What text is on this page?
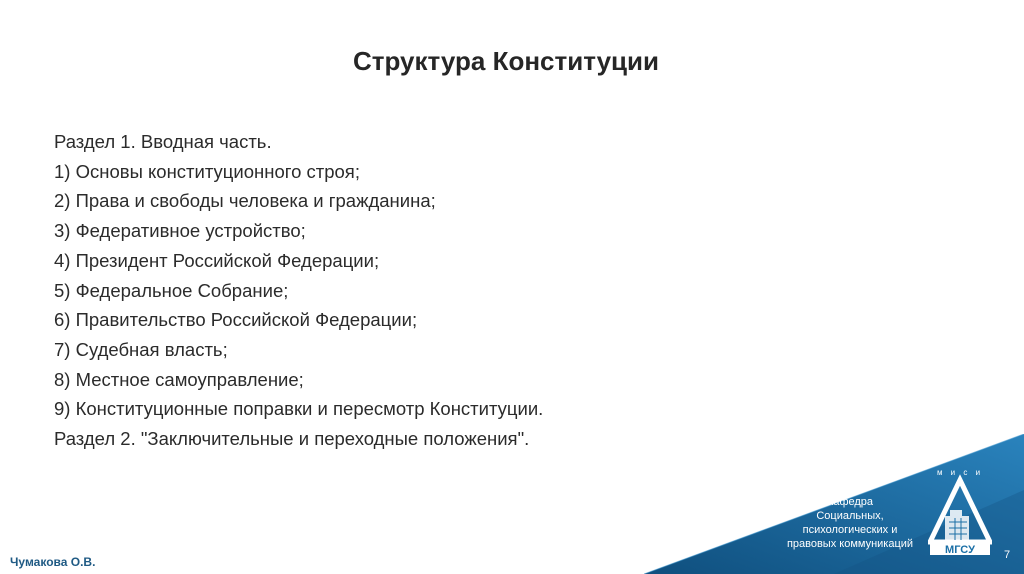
Структура Конституции
Раздел 1. Вводная часть.
1) Основы конституционного строя;
2) Права и свободы человека и гражданина;
3) Федеративное устройство;
4) Президент Российской Федерации;
5) Федеральное Собрание;
6) Правительство Российской Федерации;
7) Судебная власть;
8) Местное самоуправление;
9) Конституционные поправки и пересмотр Конституции.
Раздел 2. "Заключительные и переходные положения".
Кафедра
Социальных,
психологических и
правовых коммуникаций
м и с и
МГСУ	7
Чумакова О.В.
